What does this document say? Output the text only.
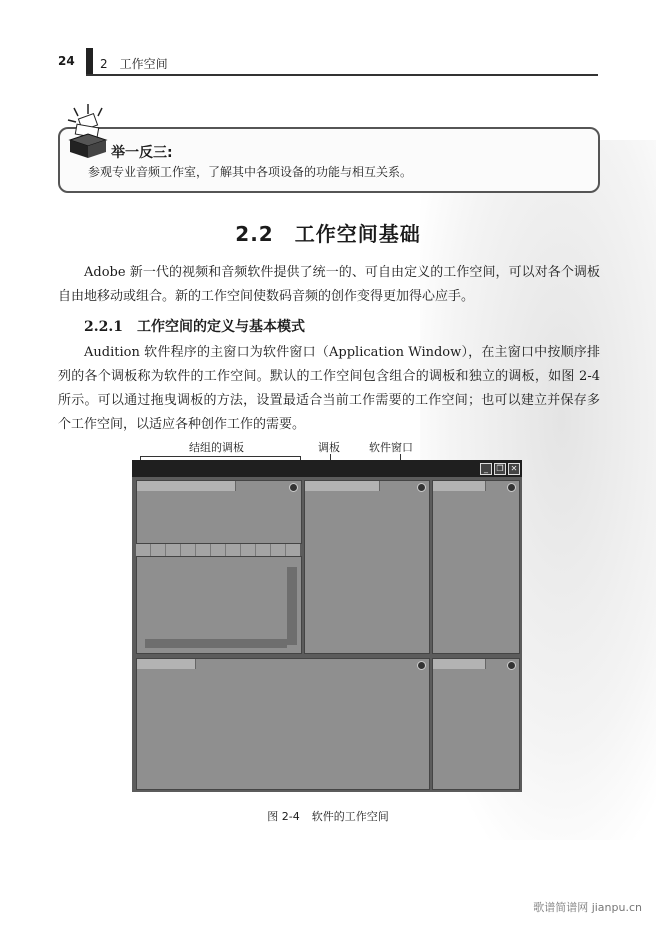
24 2　工作空间
举一反三:
参观专业音频工作室，了解其中各项设备的功能与相互关系。
2.2　工作空间基础
Adobe 新一代的视频和音频软件提供了统一的、可自由定义的工作空间，可以对各个调板自由地移动或组合。新的工作空间使数码音频的创作变得更加得心应手。
2.2.1 工作空间的定义与基本模式
Audition 软件程序的主窗口为软件窗口（Application Window），在主窗口中按顺序排列的各个调板称为软件的工作空间。默认的工作空间包含组合的调板和独立的调板，如图 2-4 所示。可以通过拖曳调板的方法，设置最适合当前工作需要的工作空间；也可以建立并保存多个工作空间，以适应各种创作工作的需要。
结组的调板	调板	软件窗口
_	❐ ✕
图 2-4 软件的工作空间
歌谱简谱网 jianpu.cn
